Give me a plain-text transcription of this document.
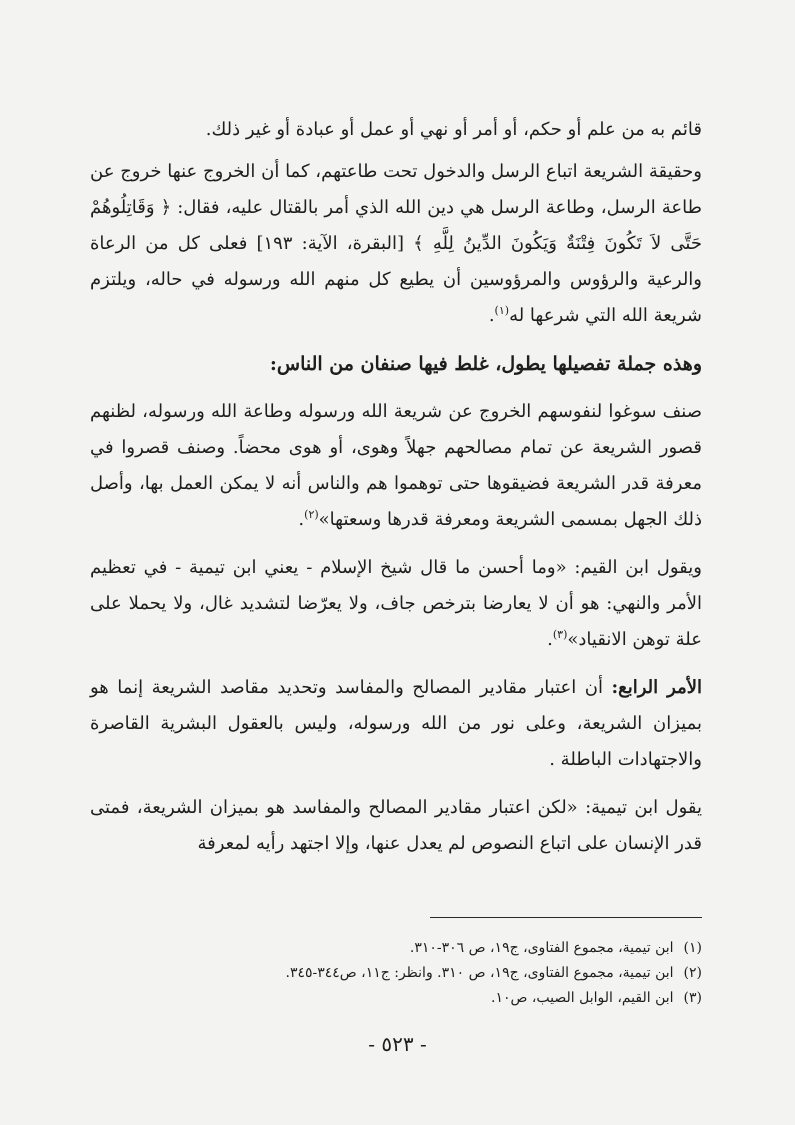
قائم به من علم أو حكم، أو أمر أو نهي أو عمل أو عبادة أو غير ذلك.

وحقيقة الشريعة اتباع الرسل والدخول تحت طاعتهم، كما أن الخروج عنها خروج عن طاعة الرسل، وطاعة الرسل هي دين الله الذي أمر بالقتال عليه، فقال: ﴿ وَقَاتِلُوهُمْ حَتَّى لاَ تَكُونَ فِتْنَةٌ وَيَكُونَ الدِّينُ لِلَّهِ ﴾ [البقرة، الآية: ١٩٣] فعلى كل من الرعاة والرعية والرؤوس والمرؤوسين أن يطيع كل منهم الله ورسوله في حاله، ويلتزم شريعة الله التي شرعها له$^{(١)}$.

وهذه جملة تفصيلها يطول، غلط فيها صنفان من الناس:

صنف سوغوا لنفوسهم الخروج عن شريعة الله ورسوله وطاعة الله ورسوله، لظنهم قصور الشريعة عن تمام مصالحهم جهلاً وهوى، أو هوى محضاً. وصنف قصروا في معرفة قدر الشريعة فضيقوها حتى توهموا هم والناس أنه لا يمكن العمل بها، وأصل ذلك الجهل بمسمى الشريعة ومعرفة قدرها وسعتها»$^{(٢)}$.

ويقول ابن القيم: «وما أحسن ما قال شيخ الإسلام - يعني ابن تيمية - في تعظيم الأمر والنهي: هو أن لا يعارضا بترخص جاف، ولا يعرّضا لتشديد غال، ولا يحملا على علة توهن الانقياد»$^{(٣)}$.

الأمر الرابع: أن اعتبار مقادير المصالح والمفاسد وتحديد مقاصد الشريعة إنما هو بميزان الشريعة، وعلى نور من الله ورسوله، وليس بالعقول البشرية القاصرة والاجتهادات الباطلة .

يقول ابن تيمية: «لكن اعتبار مقادير المصالح والمفاسد هو بميزان الشريعة، فمتى قدر الإنسان على اتباع النصوص لم يعدل عنها، وإلا اجتهد رأيه لمعرفة

(١)ابن تيمية، مجموع الفتاوى، ج١٩، ص ٣٠٦-٣١٠.

(٢)ابن تيمية، مجموع الفتاوى، ج١٩، ص ٣١٠. وانظر: ج١١، ص٣٤٤-٣٤٥.

(٣)ابن القيم، الوابل الصيب، ص١٠.

- ٥٢٣ -
